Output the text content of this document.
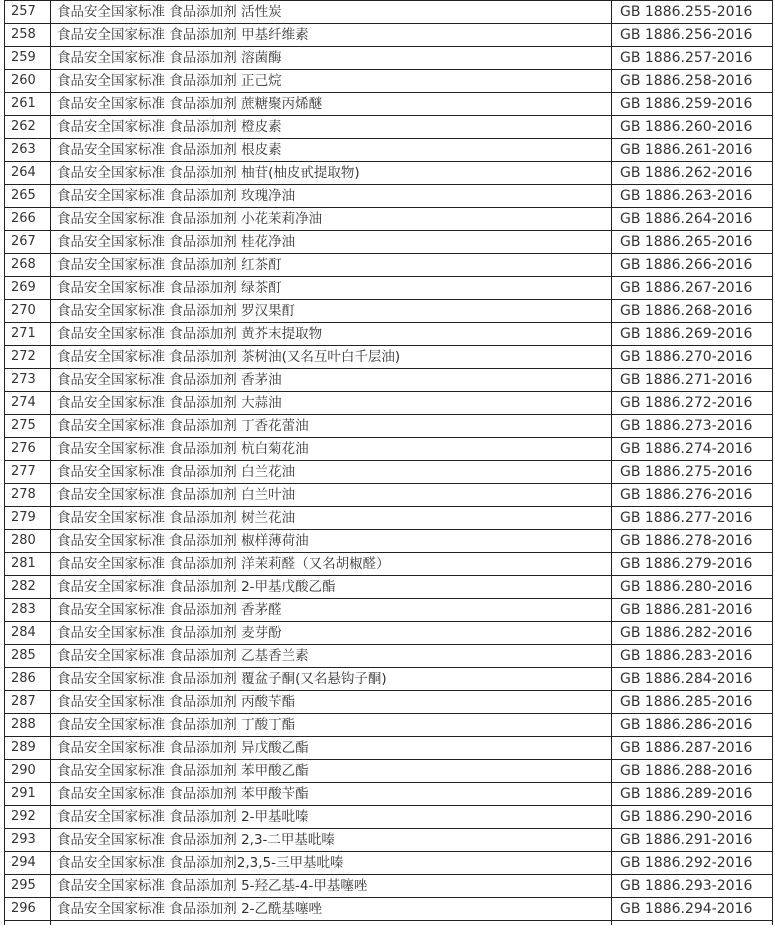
257	食品安全国家标准 食品添加剂 活性炭	GB 1886.255-2016
258	食品安全国家标准 食品添加剂 甲基纤维素	GB 1886.256-2016
259	食品安全国家标准 食品添加剂 溶菌酶	GB 1886.257-2016
260	食品安全国家标准 食品添加剂 正己烷	GB 1886.258-2016
261	食品安全国家标准 食品添加剂 蔗糖聚丙烯醚	GB 1886.259-2016
262	食品安全国家标准 食品添加剂 橙皮素	GB 1886.260-2016
263	食品安全国家标准 食品添加剂 根皮素	GB 1886.261-2016
264	食品安全国家标准 食品添加剂 柚苷(柚皮甙提取物)	GB 1886.262-2016
265	食品安全国家标准 食品添加剂 玫瑰净油	GB 1886.263-2016
266	食品安全国家标准 食品添加剂 小花茉莉净油	GB 1886.264-2016
267	食品安全国家标准 食品添加剂 桂花净油	GB 1886.265-2016
268	食品安全国家标准 食品添加剂 红茶酊	GB 1886.266-2016
269	食品安全国家标准 食品添加剂 绿茶酊	GB 1886.267-2016
270	食品安全国家标准 食品添加剂 罗汉果酊	GB 1886.268-2016
271	食品安全国家标准 食品添加剂 黄芥末提取物	GB 1886.269-2016
272	食品安全国家标准 食品添加剂 茶树油(又名互叶白千层油)	GB 1886.270-2016
273	食品安全国家标准 食品添加剂 香茅油	GB 1886.271-2016
274	食品安全国家标准 食品添加剂 大蒜油	GB 1886.272-2016
275	食品安全国家标准 食品添加剂 丁香花蕾油	GB 1886.273-2016
276	食品安全国家标准 食品添加剂 杭白菊花油	GB 1886.274-2016
277	食品安全国家标准 食品添加剂 白兰花油	GB 1886.275-2016
278	食品安全国家标准 食品添加剂 白兰叶油	GB 1886.276-2016
279	食品安全国家标准 食品添加剂 树兰花油	GB 1886.277-2016
280	食品安全国家标准 食品添加剂 椒样薄荷油	GB 1886.278-2016
281	食品安全国家标准 食品添加剂 洋茉莉醛（又名胡椒醛）	GB 1886.279-2016
282	食品安全国家标准 食品添加剂 2-甲基戊酸乙酯	GB 1886.280-2016
283	食品安全国家标准 食品添加剂 香茅醛	GB 1886.281-2016
284	食品安全国家标准 食品添加剂 麦芽酚	GB 1886.282-2016
285	食品安全国家标准 食品添加剂 乙基香兰素	GB 1886.283-2016
286	食品安全国家标准 食品添加剂 覆盆子酮(又名悬钩子酮)	GB 1886.284-2016
287	食品安全国家标准 食品添加剂 丙酸苄酯	GB 1886.285-2016
288	食品安全国家标准 食品添加剂 丁酸丁酯	GB 1886.286-2016
289	食品安全国家标准 食品添加剂 异戊酸乙酯	GB 1886.287-2016
290	食品安全国家标准 食品添加剂 苯甲酸乙酯	GB 1886.288-2016
291	食品安全国家标准 食品添加剂 苯甲酸苄酯	GB 1886.289-2016
292	食品安全国家标准 食品添加剂 2-甲基吡嗪	GB 1886.290-2016
293	食品安全国家标准 食品添加剂 2,3-二甲基吡嗪	GB 1886.291-2016
294	食品安全国家标准 食品添加剂2,3,5-三甲基吡嗪	GB 1886.292-2016
295	食品安全国家标准 食品添加剂 5-羟乙基-4-甲基噻唑	GB 1886.293-2016
296	食品安全国家标准 食品添加剂 2-乙酰基噻唑	GB 1886.294-2016
